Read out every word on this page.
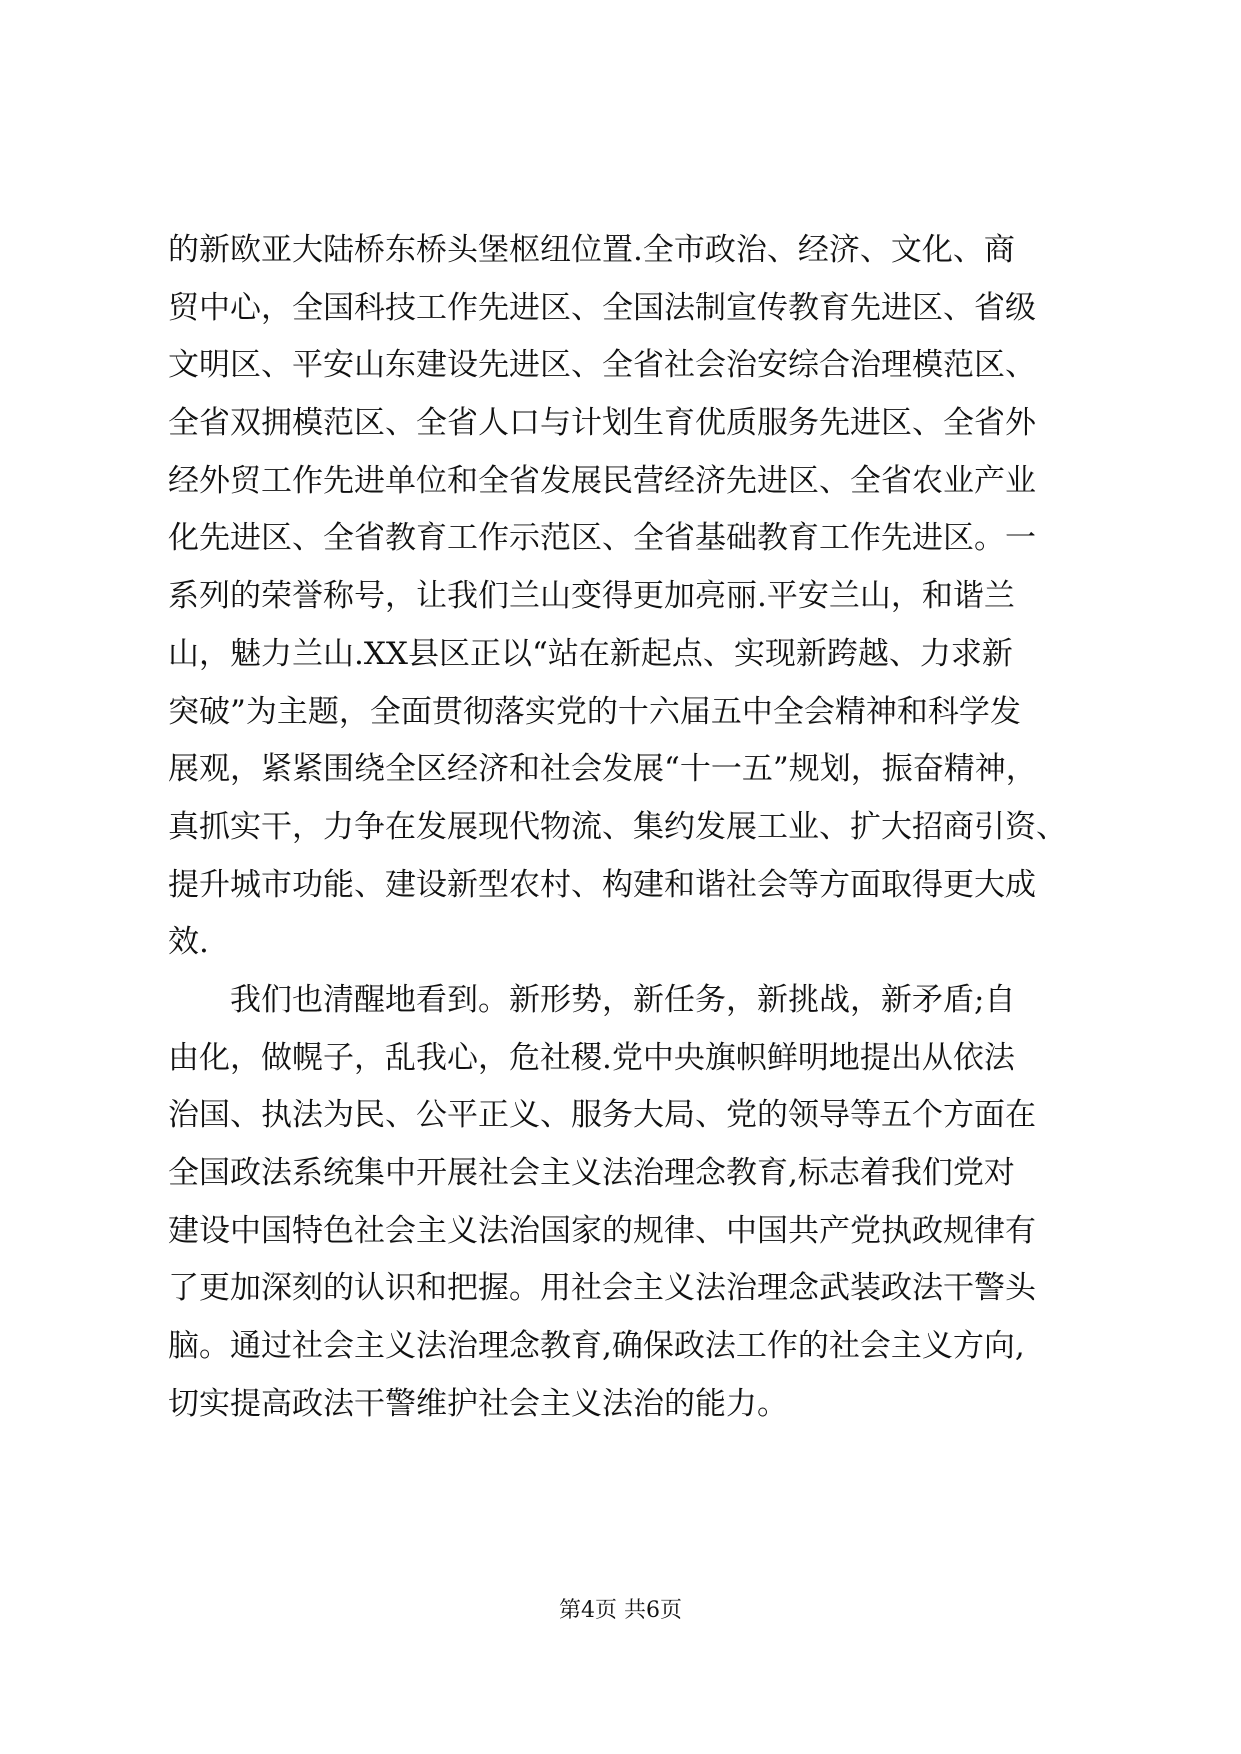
的新欧亚大陆桥东桥头堡枢纽位置.全市政治、经济、文化、商
贸中心，全国科技工作先进区、全国法制宣传教育先进区、省级
文明区、平安山东建设先进区、全省社会治安综合治理模范区、
全省双拥模范区、全省人口与计划生育优质服务先进区、全省外
经外贸工作先进单位和全省发展民营经济先进区、全省农业产业
化先进区、全省教育工作示范区、全省基础教育工作先进区。一
系列的荣誉称号，让我们兰山变得更加亮丽.平安兰山，和谐兰
山，魅力兰山.XX县区正以“站在新起点、实现新跨越、力求新
突破”为主题，全面贯彻落实党的十六届五中全会精神和科学发
展观，紧紧围绕全区经济和社会发展“十一五”规划，振奋精神，
真抓实干，力争在发展现代物流、集约发展工业、扩大招商引资、
提升城市功能、建设新型农村、构建和谐社会等方面取得更大成
效.
我们也清醒地看到。新形势，新任务，新挑战，新矛盾;自
由化，做幌子，乱我心，危社稷.党中央旗帜鲜明地提出从依法
治国、执法为民、公平正义、服务大局、党的领导等五个方面在
全国政法系统集中开展社会主义法治理念教育,标志着我们党对
建设中国特色社会主义法治国家的规律、中国共产党执政规律有
了更加深刻的认识和把握。用社会主义法治理念武装政法干警头
脑。通过社会主义法治理念教育,确保政法工作的社会主义方向,
切实提高政法干警维护社会主义法治的能力。
第4页 共6页
